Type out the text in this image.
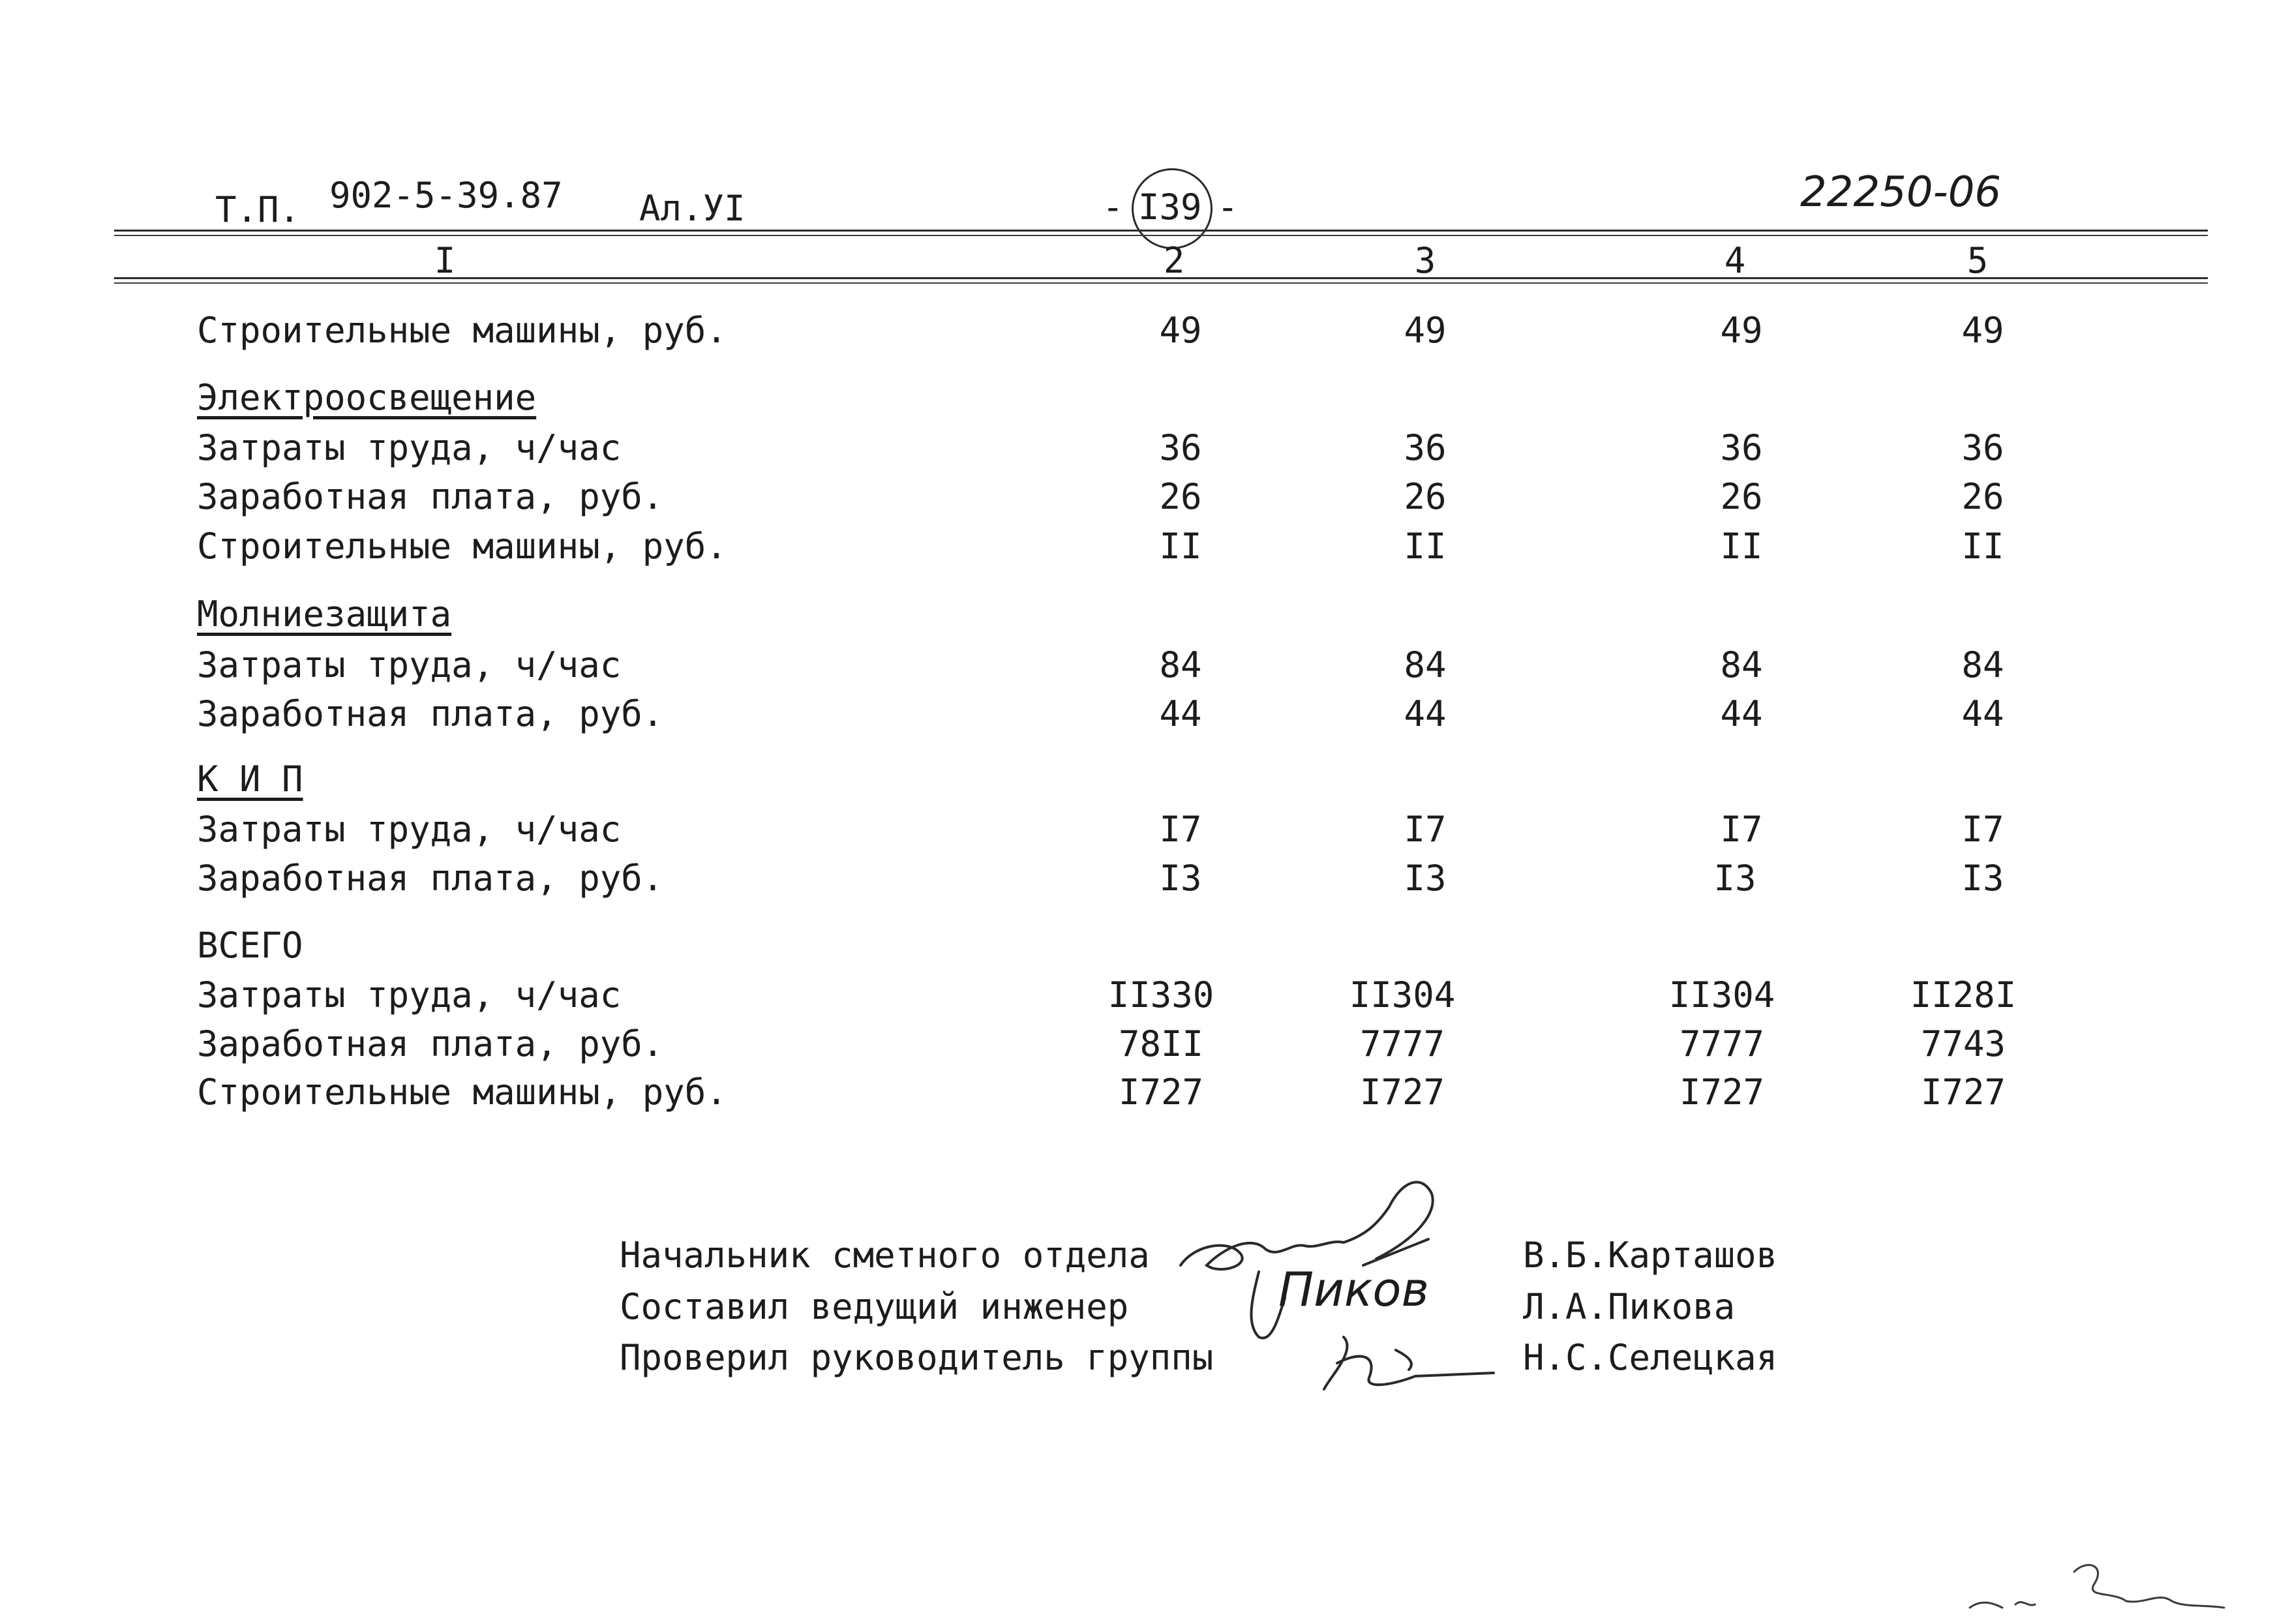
Т.П. 902-5-39.87 Ал.УI	- I39 -	22250-06
I	2	3	4	5
Строительные машины, руб.	49	49	49	49
Электроосвещение
Затраты труда, ч/час	36	36	36	36
Заработная плата, руб.	26	26	26	26
Строительные машины, руб.	II	II	II	II
Молниезащита
Затраты труда, ч/час	84	84	84	84
Заработная плата, руб.	44	44	44	44
К И П
Затраты труда, ч/час	I7	I7	I7	I7
Заработная плата, руб.	I3	I3	I3	I3
ВСЕГО
Затраты труда, ч/час	II330	II304	II304	II28I
Заработная плата, руб.	78II	7777	7777	7743
Строительные машины, руб.	I727	I727	I727	I727
Начальник сметного отдела	В.Б.Карташов
Составил ведущий инженер	Л.А.Пикова
Проверил руководитель группы	Н.С.Селецкая
Пиков
